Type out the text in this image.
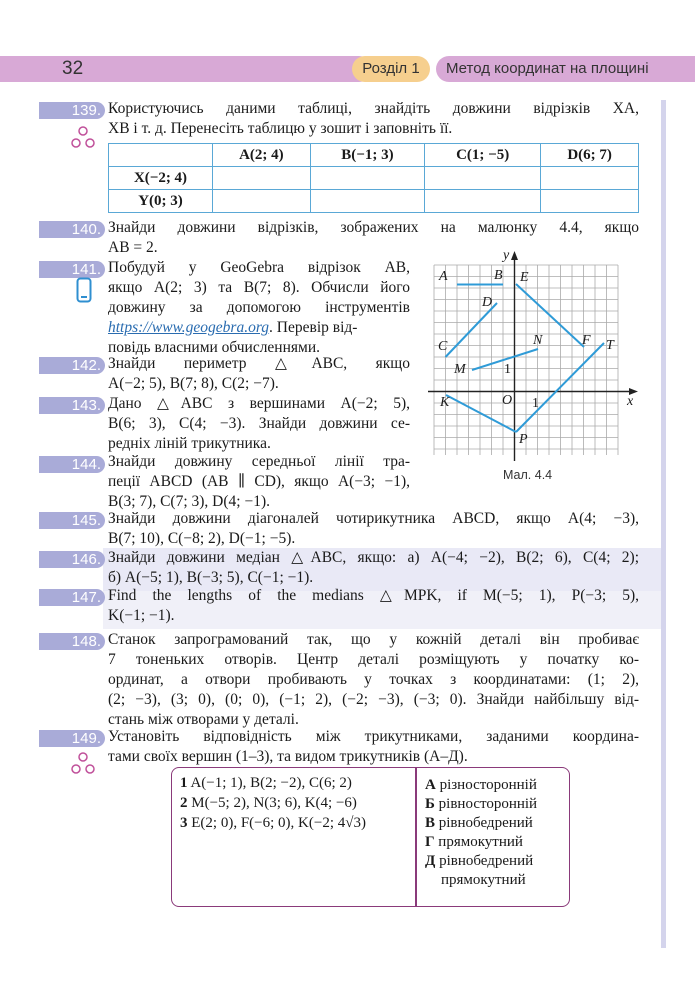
32	Метод координат на площині
Розділ 1
139. Користуючись даними таблиці, знайдіть довжини відрізків XA,
XB і т. д. Перенесіть таблицю у зошит і заповніть її.
	A(2; 4)	B(−1; 3)	C(1; −5)	D(6; 7)
X(−2; 4)				
Y(0; 3)				
140. Знайди довжини відрізків, зображених на малюнку 4.4, якщо
AB = 2.
141. Побудуй у GeoGebra відрізок AB,
якщо A(2; 3) та B(7; 8). Обчисли його
довжину за допомогою інструментів
https://www.geogebra.org. Перевір від-
повідь власними обчисленнями.
142. Знайди периметр △ABC, якщо
A(−2; 5), B(7; 8), C(2; −7).
143. Дано △ABC з вершинами A(−2; 5),
B(6; 3), C(4; −3). Знайди довжини се-
редніх ліній трикутника.
144. Знайди довжину середньої лінії тра-
пеції ABCD (AB ∥ CD), якщо A(−3; −1),
B(3; 7), C(7; 3), D(4; −1).
A	B
C
D
E
F
K
M
N
P
T
O
y
x
1
1
Мал. 4.4
145. Знайди довжини діагоналей чотирикутника ABCD, якщо A(4; −3),
B(7; 10), C(−8; 2), D(−1; −5).
146. Знайди довжини медіан △ABC, якщо: а) A(−4; −2), B(2; 6), C(4; 2);
б) A(−5; 1), B(−3; 5), C(−1; −1).
147. Find the lengths of the medians △MPK, if M(−5; 1), P(−3; 5),
K(−1; −1).
148. Станок запрограмований так, що у кожній деталі він пробиває
7 тоненьких отворів. Центр деталі розміщують у початку ко-
ординат, а отвори пробивають у точках з координатами: (1; 2),
(2; −3), (3; 0), (0; 0), (−1; 2), (−2; −3), (−3; 0). Знайди найбільшу від-
стань між отворами у деталі.
149. Установіть відповідність між трикутниками, заданими координа-
тами своїх вершин (1–3), та видом трикутників (А–Д).
1 A(−1; 1), B(2; −2), C(6; 2)
2 M(−5; 2), N(3; 6), K(4; −6)
3 E(2; 0), F(−6; 0), K(−2; 4√3)
А різносторонній
Б рівносторонній
В рівнобедрений
Г прямокутний
Д рівнобедрений
прямокутний
